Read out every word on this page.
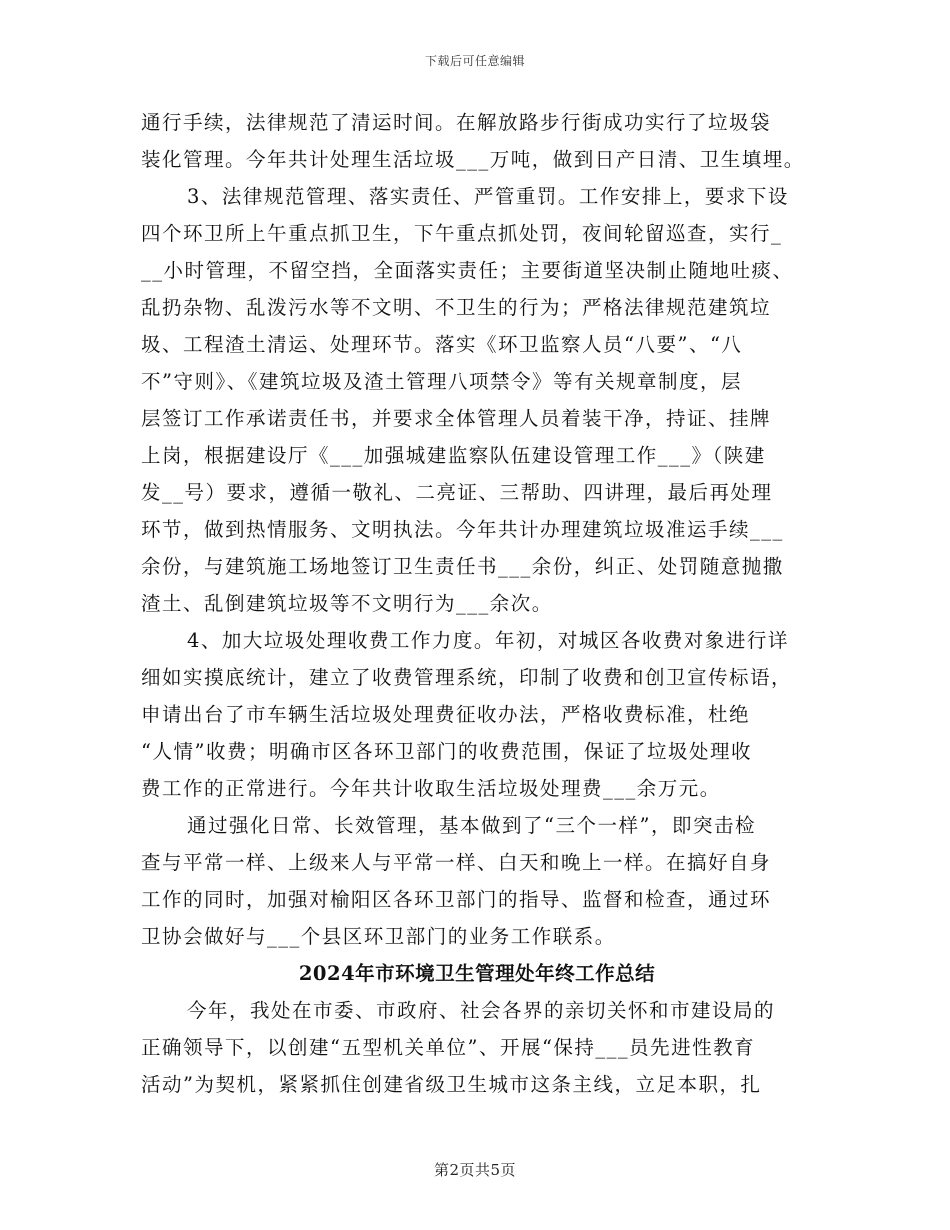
下载后可任意编辑
通行手续，法律规范了清运时间。在解放路步行街成功实行了垃圾袋
装化管理。今年共计处理生活垃圾___万吨，做到日产日清、卫生填埋。
3、法律规范管理、落实责任、严管重罚。工作安排上，要求下设
四个环卫所上午重点抓卫生，下午重点抓处罚，夜间轮留巡查，实行_
__小时管理，不留空挡，全面落实责任；主要街道坚决制止随地吐痰、
乱扔杂物、乱泼污水等不文明、不卫生的行为；严格法律规范建筑垃
圾、工程渣土清运、处理环节。落实《环卫监察人员“八要”、“八
不”守则》、《建筑垃圾及渣土管理八项禁令》等有关规章制度，层
层签订工作承诺责任书，并要求全体管理人员着装干净，持证、挂牌
上岗，根据建设厅《___加强城建监察队伍建设管理工作___》（陕建
发__号）要求，遵循一敬礼、二亮证、三帮助、四讲理，最后再处理
环节，做到热情服务、文明执法。今年共计办理建筑垃圾准运手续___
余份，与建筑施工场地签订卫生责任书___余份，纠正、处罚随意抛撒
渣土、乱倒建筑垃圾等不文明行为___余次。
4、加大垃圾处理收费工作力度。年初，对城区各收费对象进行详
细如实摸底统计，建立了收费管理系统，印制了收费和创卫宣传标语，
申请出台了市车辆生活垃圾处理费征收办法，严格收费标准，杜绝
“人情”收费；明确市区各环卫部门的收费范围，保证了垃圾处理收
费工作的正常进行。今年共计收取生活垃圾处理费___余万元。
通过强化日常、长效管理，基本做到了“三个一样”，即突击检
查与平常一样、上级来人与平常一样、白天和晚上一样。在搞好自身
工作的同时，加强对榆阳区各环卫部门的指导、监督和检查，通过环
卫协会做好与___个县区环卫部门的业务工作联系。
2024年市环境卫生管理处年终工作总结
今年，我处在市委、市政府、社会各界的亲切关怀和市建设局的
正确领导下，以创建“五型机关单位”、开展“保持___员先进性教育
活动”为契机，紧紧抓住创建省级卫生城市这条主线，立足本职，扎
第2页共5页
